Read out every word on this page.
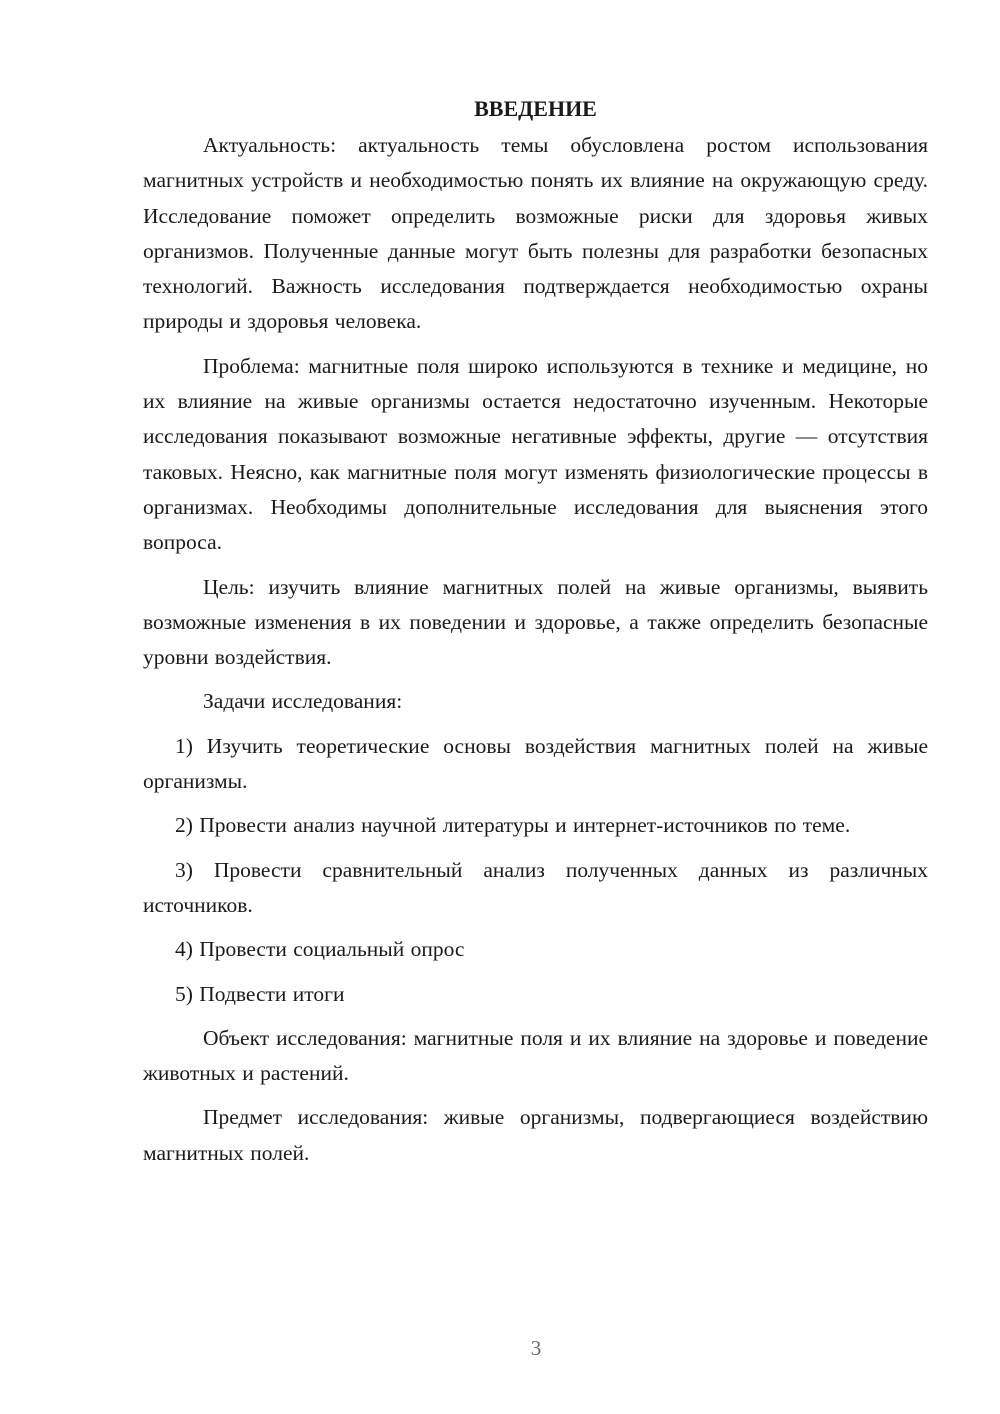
ВВЕДЕНИЕ

Актуальность: актуальность темы обусловлена ростом использования магнитных устройств и необходимостью понять их влияние на окружающую среду. Исследование поможет определить возможные риски для здоровья живых организмов. Полученные данные могут быть полезны для разработки безопасных технологий. Важность исследования подтверждается необходимостью охраны природы и здоровья человека.

Проблема: магнитные поля широко используются в технике и медицине, но их влияние на живые организмы остается недостаточно изученным. Некоторые исследования показывают возможные негативные эффекты, другие — отсутствия таковых. Неясно, как магнитные поля могут изменять физиологические процессы в организмах. Необходимы дополнительные исследования для выяснения этого вопроса.

Цель: изучить влияние магнитных полей на живые организмы, выявить возможные изменения в их поведении и здоровье, а также определить безопасные уровни воздействия.

Задачи исследования:

1) Изучить теоретические основы воздействия магнитных полей на живые организмы.

2) Провести анализ научной литературы и интернет-источников по теме.

3) Провести сравнительный анализ полученных данных из различных источников.

4) Провести социальный опрос

5) Подвести итоги

Объект исследования: магнитные поля и их влияние на здоровье и поведение животных и растений.

Предмет исследования: живые организмы, подвергающиеся воздействию магнитных полей.

3
